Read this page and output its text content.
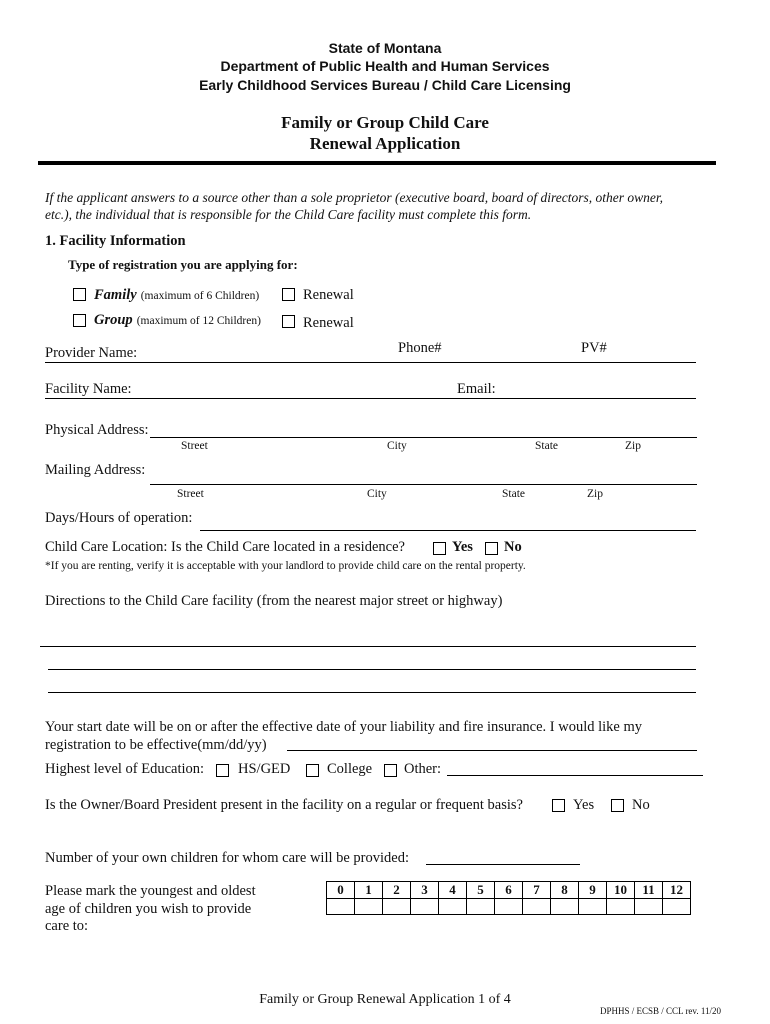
State of Montana
Department of Public Health and Human Services
Early Childhood Services Bureau / Child Care Licensing
Family or Group Child Care
Renewal Application
If the applicant answers to a source other than a sole proprietor (executive board, board of directors, other owner,
etc.), the individual that is responsible for the Child Care facility must complete this form.
1. Facility Information
Type of registration you are applying for:
Family (maximum of 6 Children)	Renewal
Group (maximum of 12 Children)	Renewal
Provider Name:	Phone#	PV#
Facility Name:	Email:
Physical Address:
Street	City	State	Zip
Mailing Address:
Street	City	State	Zip
Days/Hours of operation:
Child Care Location: Is the Child Care located in a residence?	Yes No
*If you are renting, verify it is acceptable with your landlord to provide child care on the rental property.
Directions to the Child Care facility (from the nearest major street or highway)
Your start date will be on or after the effective date of your liability and fire insurance. I would like my
registration to be effective(mm/dd/yy)
Highest level of Education: HS/GED	College Other:
Is the Owner/Board President present in the facility on a regular or frequent basis?	Yes	No
Number of your own children for whom care will be provided:
Please mark the youngest and oldest
age of children you wish to provide
care to:
0	1	2	3	4	5	6	7	8	9	10	11	12

Family or Group Renewal Application 1 of 4
DPHHS / ECSB / CCL rev. 11/20
